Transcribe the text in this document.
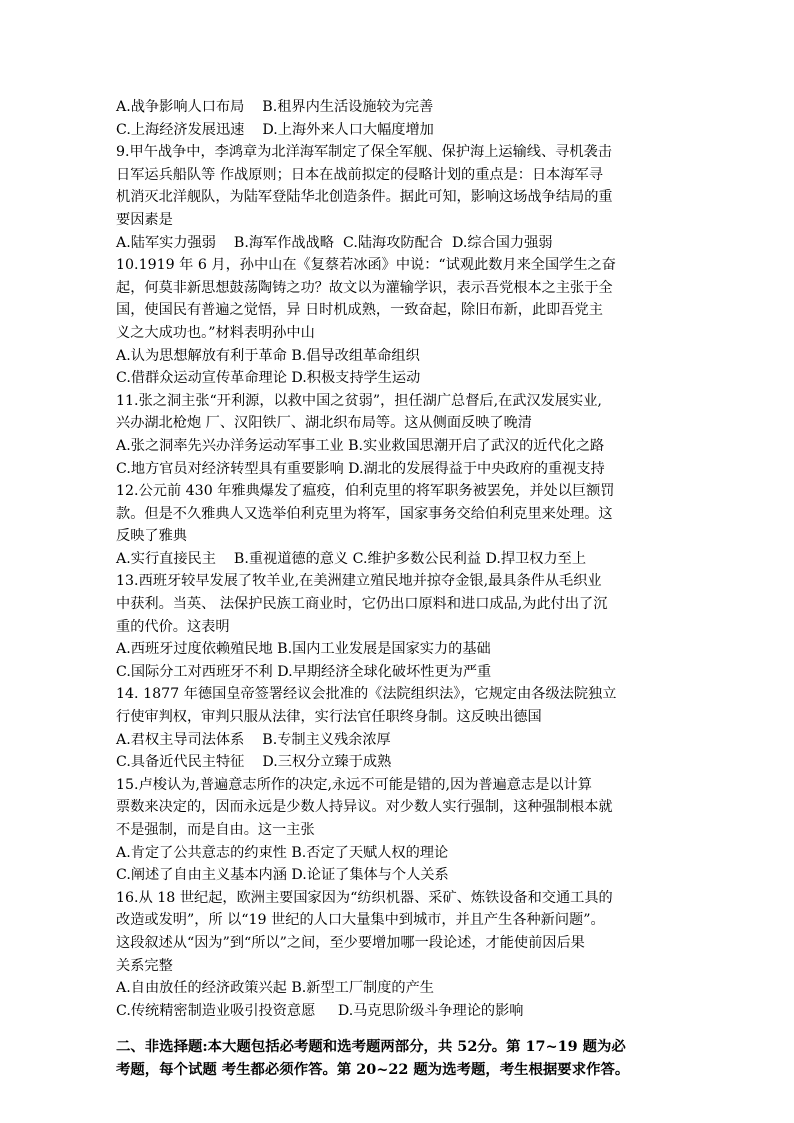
A.战争影响人口布局    B.租界内生活设施较为完善
C.上海经济发展迅速    D.上海外来人口大幅度增加
9.甲午战争中，李鸿章为北洋海军制定了保全军舰、保护海上运输线、寻机袭击
日军运兵船队等 作战原则；日本在战前拟定的侵略计划的重点是：日本海军寻
机消灭北洋舰队，为陆军登陆华北创造条件。据此可知，影响这场战争结局的重
要因素是
A.陆军实力强弱    B.海军作战战略  C.陆海攻防配合  D.综合国力强弱
10.1919 年 6 月，孙中山在《复蔡若冰函》中说：“试观此数月来全国学生之奋
起，何莫非新思想鼓荡陶铸之功？故文以为灌输学识，表示吾党根本之主张于全
国，使国民有普遍之觉悟，异 日时机成熟，一致奋起，除旧布新，此即吾党主
义之大成功也。”材料表明孙中山
A.认为思想解放有利于革命 B.倡导改组革命组织
C.借群众运动宣传革命理论 D.积极支持学生运动
11.张之洞主张“开利源，以救中国之贫弱”，担任湖广总督后,在武汉发展实业,
兴办湖北枪炮 厂、汉阳铁厂、湖北织布局等。这从侧面反映了晚清
A.张之洞率先兴办洋务运动军事工业 B.实业救国思潮开启了武汉的近代化之路
C.地方官员对经济转型具有重要影响 D.湖北的发展得益于中央政府的重视支持
12.公元前 430 年雅典爆发了瘟疫，伯利克里的将军职务被罢免，并处以巨额罚
款。但是不久雅典人又选举伯利克里为将军，国家事务交给伯利克里来处理。这
反映了雅典
A.实行直接民主    B.重视道德的意义 C.维护多数公民利益 D.捍卫权力至上
13.西班牙较早发展了牧羊业,在美洲建立殖民地并掠夺金银,最具条件从毛织业
中获利。当英、 法保护民族工商业时，它仍出口原料和进口成品,为此付出了沉
重的代价。这表明
A.西班牙过度依赖殖民地 B.国内工业发展是国家实力的基础
C.国际分工对西班牙不利 D.早期经济全球化破坏性更为严重
14. 1877 年德国皇帝签署经议会批准的《法院组织法》，它规定由各级法院独立
行使审判权，审判只服从法律，实行法官任职终身制。这反映出德国
A.君权主导司法体系    B.专制主义残余浓厚
C.具备近代民主特征    D.三权分立臻于成熟
15.卢梭认为,普遍意志所作的决定,永远不可能是错的,因为普遍意志是以计算
票数来决定的，因而永远是少数人持异议。对少数人实行强制，这种强制根本就
不是强制，而是自由。这一主张
A.肯定了公共意志的约束性 B.否定了天赋人权的理论
C.阐述了自由主义基本内涵 D.论证了集体与个人关系
16.从 18 世纪起，欧洲主要国家因为“纺织机器、采矿、炼铁设备和交通工具的
改造或发明”，所 以“19 世纪的人口大量集中到城市，并且产生各种新问题”。
这段叙述从“因为”到“所以”之间，至少要增加哪一段论述，才能使前因后果
关系完整
A.自由放任的经济政策兴起 B.新型工厂制度的产生
C.传统精密制造业吸引投资意愿     D.马克思阶级斗争理论的影响
二、非选择题:本大题包括必考题和选考题两部分，共 52分。第 17~19 题为必
考题，每个试题 考生都必须作答。第 20~22 题为选考题，考生根据要求作答。
